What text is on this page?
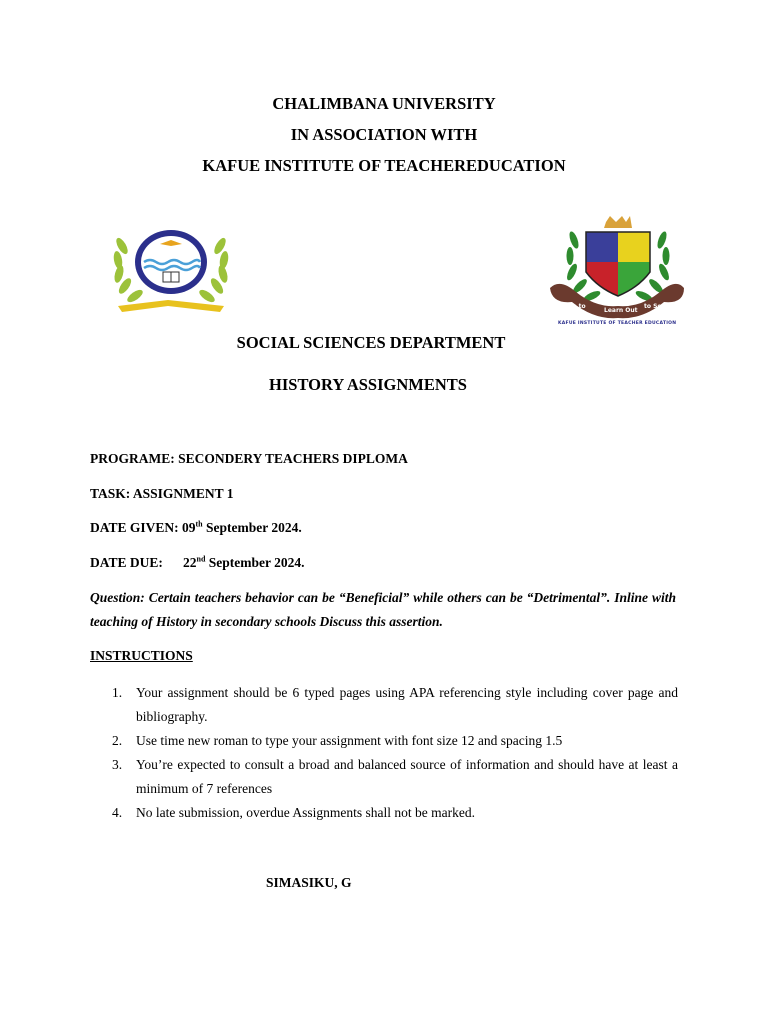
CHALIMBANA UNIVERSITY
IN ASSOCIATION WITH
KAFUE INSTITUTE OF TEACHEREDUCATION
In to
Learn Out
to Serve
KAFUE INSTITUTE OF TEACHER EDUCATION
SOCIAL SCIENCES DEPARTMENT
HISTORY ASSIGNMENTS
PROGRAME: SECONDERY TEACHERS DIPLOMA
TASK: ASSIGNMENT 1
DATE GIVEN: 09th September 2024.
DATE DUE: 22nd September 2024.
Question: Certain teachers behavior can be “Beneficial” while others can be “Detrimental”. Inline with teaching of History in secondary schools Discuss this assertion.
INSTRUCTIONS
1. Your assignment should be 6 typed pages using APA referencing style including cover page and bibliography.
2. Use time new roman to type your assignment with font size 12 and spacing 1.5
3. You’re expected to consult a broad and balanced source of information and should have at least a minimum of 7 references
4. No late submission, overdue Assignments shall not be marked.
SIMASIKU, G
